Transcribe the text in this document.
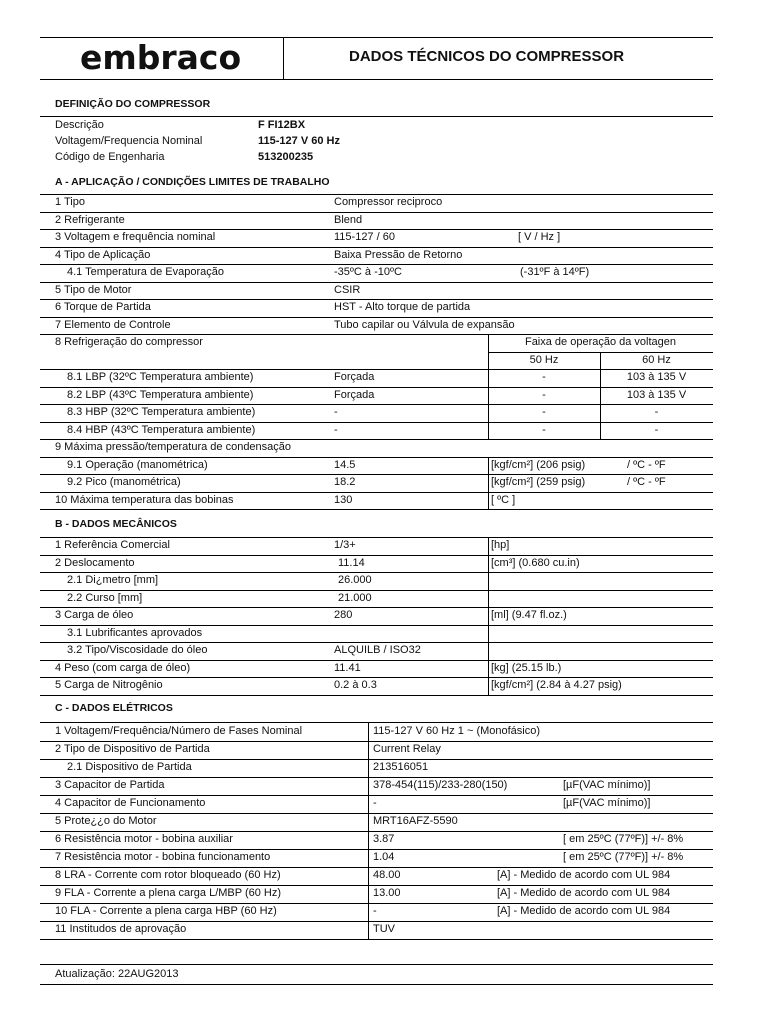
embraco	DADOS TÉCNICOS DO COMPRESSOR
DEFINIÇÃO DO COMPRESSOR
Descrição	F FI12BX
Voltagem/Frequencia Nominal	115-127 V 60 Hz
Código de Engenharia	513200235
A - APLICAÇÃO / CONDIÇÕES LIMITES DE TRABALHO
1 Tipo	Compressor reciproco
2 Refrigerante	Blend
3 Voltagem e frequência nominal	115-127 / 60	[ V / Hz ]
4 Tipo de Aplicação	Baixa Pressão de Retorno
4.1 Temperatura de Evaporação	-35ºC à -10ºC	(-31ºF à 14ºF)
5 Tipo de Motor	CSIR
6 Torque de Partida	HST - Alto torque de partida
7 Elemento de Controle	Tubo capilar ou Válvula de expansão
8 Refrigeração do compressor	Faixa de operação da voltagen
50 Hz	60 Hz
8.1 LBP (32ºC Temperatura ambiente)	Forçada	-	103 à 135 V
8.2 LBP (43ºC Temperatura ambiente)	Forçada	-	103 à 135 V
8.3 HBP (32ºC Temperatura ambiente)	-	-	-
8.4 HBP (43ºC Temperatura ambiente)	-	-	-
9 Máxima pressão/temperatura de condensação
9.1 Operação (manométrica)	14.5	[kgf/cm²] (206 psig)	/ ºC - ºF
9.2 Pico (manométrica)	18.2	[kgf/cm²] (259 psig)	/ ºC - ºF
10 Máxima temperatura das bobinas	130	[ ºC ]
B - DADOS MECÂNICOS
1 Referência Comercial	1/3+	[hp]
2 Deslocamento	11.14	[cm³] (0.680 cu.in)
2.1 Di¿metro [mm]	26.000
2.2 Curso [mm]	21.000
3 Carga de óleo	280	[ml] (9.47 fl.oz.)
3.1 Lubrificantes aprovados
3.2 Tipo/Viscosidade do óleo	ALQUILB / ISO32
4 Peso (com carga de óleo)	11.41	[kg] (25.15 lb.)
5 Carga de Nitrogênio	0.2 à 0.3	[kgf/cm²] (2.84 à 4.27 psig)
C - DADOS ELÉTRICOS
1 Voltagem/Frequência/Número de Fases Nominal	115-127 V 60 Hz 1 ~ (Monofásico)
2 Tipo de Dispositivo de Partida	Current Relay
2.1 Dispositivo de Partida	213516051
3 Capacitor de Partida	378-454(115)/233-280(150)	[µF(VAC mínimo)]
4 Capacitor de Funcionamento	-	[µF(VAC mínimo)]
5 Prote¿¿o do Motor	MRT16AFZ-5590
6 Resistência motor - bobina auxiliar	3.87	[ em 25ºC (77ºF)] +/- 8%
7 Resistência motor - bobina funcionamento	1.04	[ em 25ºC (77ºF)] +/- 8%
8 LRA - Corrente com rotor bloqueado (60 Hz)	48.00	[A] - Medido de acordo com UL 984
9 FLA - Corrente a plena carga L/MBP (60 Hz)	13.00	[A] - Medido de acordo com UL 984
10 FLA - Corrente a plena carga HBP (60 Hz)	-	[A] - Medido de acordo com UL 984
11 Institudos de aprovação	TUV
Atualização: 22AUG2013
